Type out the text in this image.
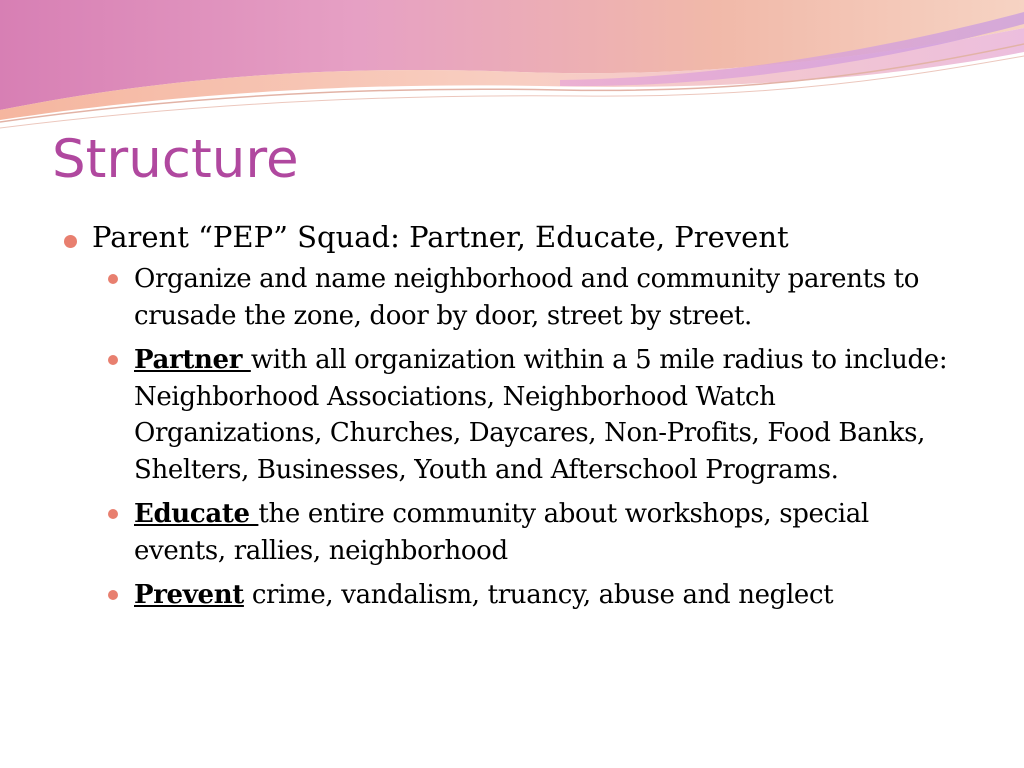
Structure
Parent “PEP” Squad: Partner, Educate, Prevent
Organize and name neighborhood and community parents to crusade the zone, door by door, street by street.
Partner with all organization within a 5 mile radius to include: Neighborhood Associations, Neighborhood Watch Organizations, Churches, Daycares, Non-Profits, Food Banks, Shelters, Businesses, Youth and Afterschool Programs.
Educate the entire community about workshops, special events, rallies, neighborhood
Prevent crime, vandalism, truancy, abuse and neglect
